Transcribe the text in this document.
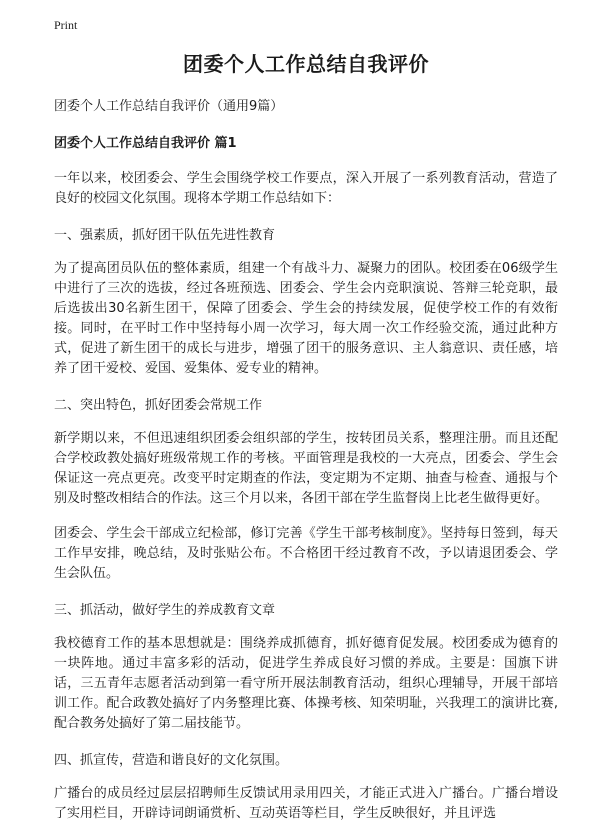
Print
团委个人工作总结自我评价
团委个人工作总结自我评价（通用9篇）
团委个人工作总结自我评价 篇1
一年以来，校团委会、学生会围绕学校工作要点，深入开展了一系列教育活动，营造了良好的校园文化氛围。现将本学期工作总结如下：
一、强素质，抓好团干队伍先进性教育
为了提高团员队伍的整体素质，组建一个有战斗力、凝聚力的团队。校团委在06级学生中进行了三次的选拔，经过各班预选、团委会、学生会内竞职演说、答辩三轮竞职，最后选拔出30名新生团干，保障了团委会、学生会的持续发展，促使学校工作的有效衔接。同时，在平时工作中坚持每小周一次学习，每大周一次工作经验交流，通过此种方式，促进了新生团干的成长与进步，增强了团干的服务意识、主人翁意识、责任感，培养了团干爱校、爱国、爱集体、爱专业的精神。
二、突出特色，抓好团委会常规工作
新学期以来，不但迅速组织团委会组织部的学生，按转团员关系，整理注册。而且还配合学校政教处搞好班级常规工作的考核。平面管理是我校的一大亮点，团委会、学生会保证这一亮点更亮。改变平时定期查的作法，变定期为不定期、抽查与检查、通报与个别及时整改相结合的作法。这三个月以来，各团干部在学生监督岗上比老生做得更好。
团委会、学生会干部成立纪检部，修订完善《学生干部考核制度》。坚持每日签到，每天工作早安排，晚总结，及时张贴公布。不合格团干经过教育不改，予以请退团委会、学生会队伍。
三、抓活动，做好学生的养成教育文章
我校德育工作的基本思想就是：围绕养成抓德育，抓好德育促发展。校团委成为德育的一块阵地。通过丰富多彩的活动，促进学生养成良好习惯的养成。主要是：国旗下讲话，三五青年志愿者活动到第一看守所开展法制教育活动，组织心理辅导，开展干部培训工作。配合政教处搞好了内务整理比赛、体操考核、知荣明耻，兴我理工的演讲比赛,配合教务处搞好了第二届技能节。
四、抓宣传，营造和谐良好的文化氛围。
广播台的成员经过层层招聘师生反馈试用录用四关，才能正式进入广播台。广播台增设了实用栏目，开辟诗词朗诵赏析、互动英语等栏目，学生反映很好，并且评选
